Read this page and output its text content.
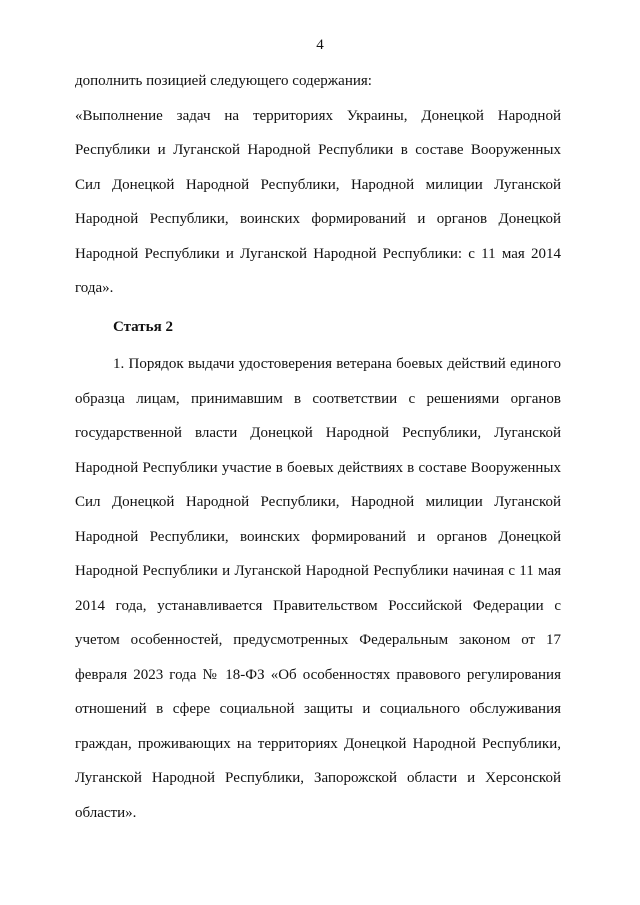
4

дополнить позицией следующего содержания:

«Выполнение задач на территориях Украины, Донецкой Народной Республики и Луганской Народной Республики в составе Вооруженных Сил Донецкой Народной Республики, Народной милиции Луганской Народной Республики, воинских формирований и органов Донецкой Народной Республики и Луганской Народной Республики: с 11 мая 2014 года».

Статья 2

1. Порядок выдачи удостоверения ветерана боевых действий единого образца лицам, принимавшим в соответствии с решениями органов государственной власти Донецкой Народной Республики, Луганской Народной Республики участие в боевых действиях в составе Вооруженных Сил Донецкой Народной Республики, Народной милиции Луганской Народной Республики, воинских формирований и органов Донецкой Народной Республики и Луганской Народной Республики начиная с 11 мая 2014 года, устанавливается Правительством Российской Федерации с учетом особенностей, предусмотренных Федеральным законом от 17 февраля 2023 года № 18-ФЗ «Об особенностях правового регулирования отношений в сфере социальной защиты и социального обслуживания граждан, проживающих на территориях Донецкой Народной Республики, Луганской Народной Республики, Запорожской области и Херсонской области».
